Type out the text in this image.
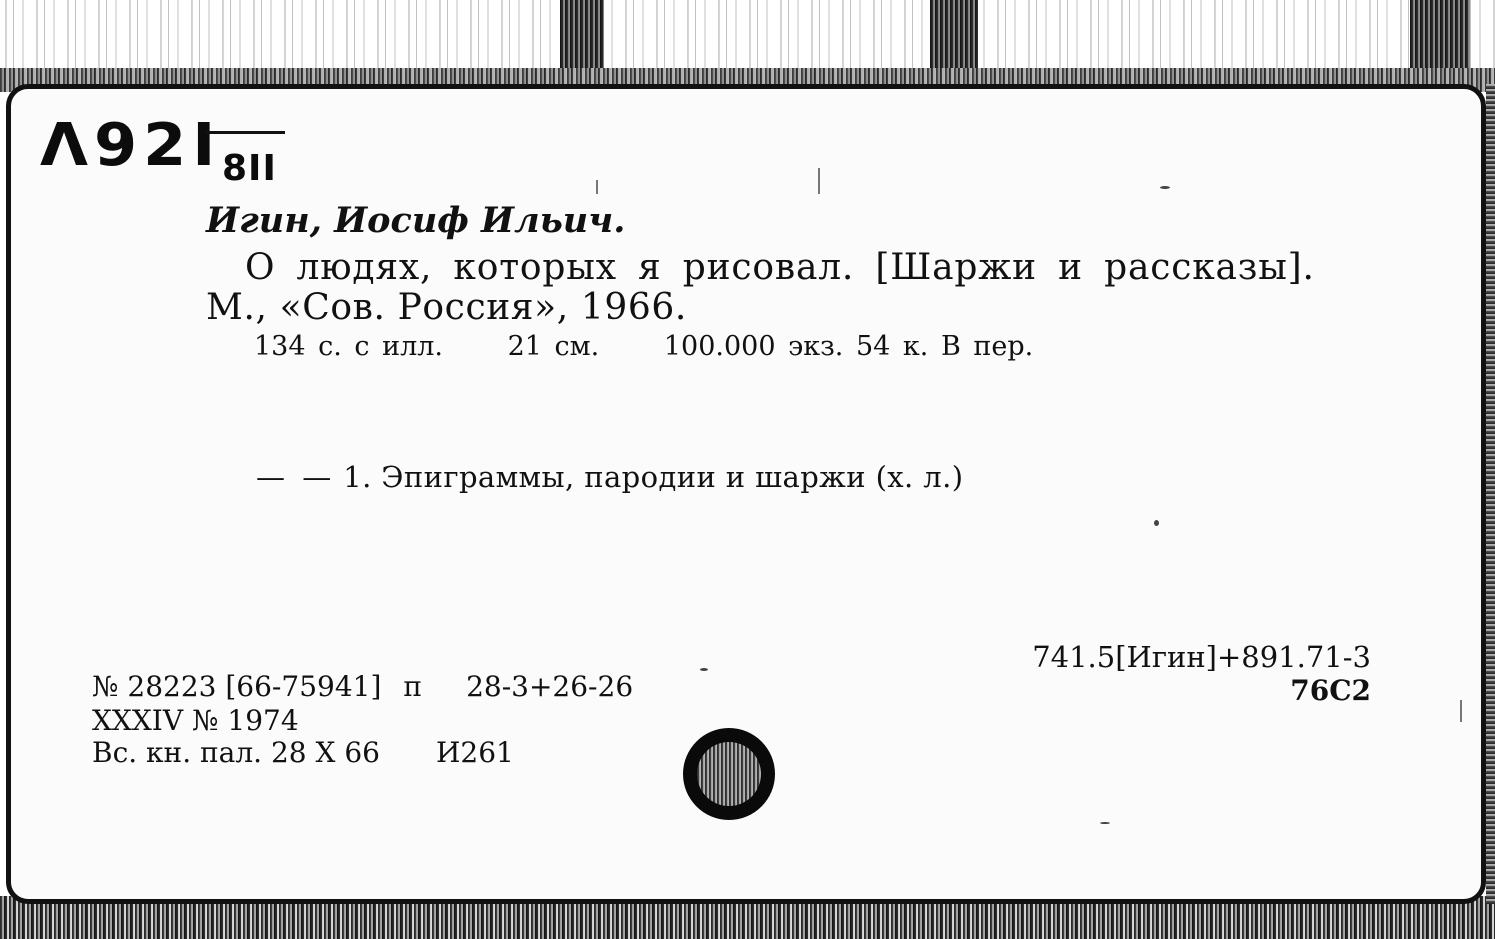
Λ92I 8II
Игин, Иосиф Ильич.
О людях, которых я рисовал. [Шаржи и рассказы].
М., «Сов. Россия», 1966.
134 с. с илл. 21 см. 100.000 экз. 54 к. В пер.
— — 1. Эпиграммы, пародии и шаржи (х. л.)
741.5[Игин]+891.71-3
76С2
№ 28223 [66-75941] п 28-3+26-26
XXXIV № 1974
Вс. кн. пал. 28 X 66 И261
